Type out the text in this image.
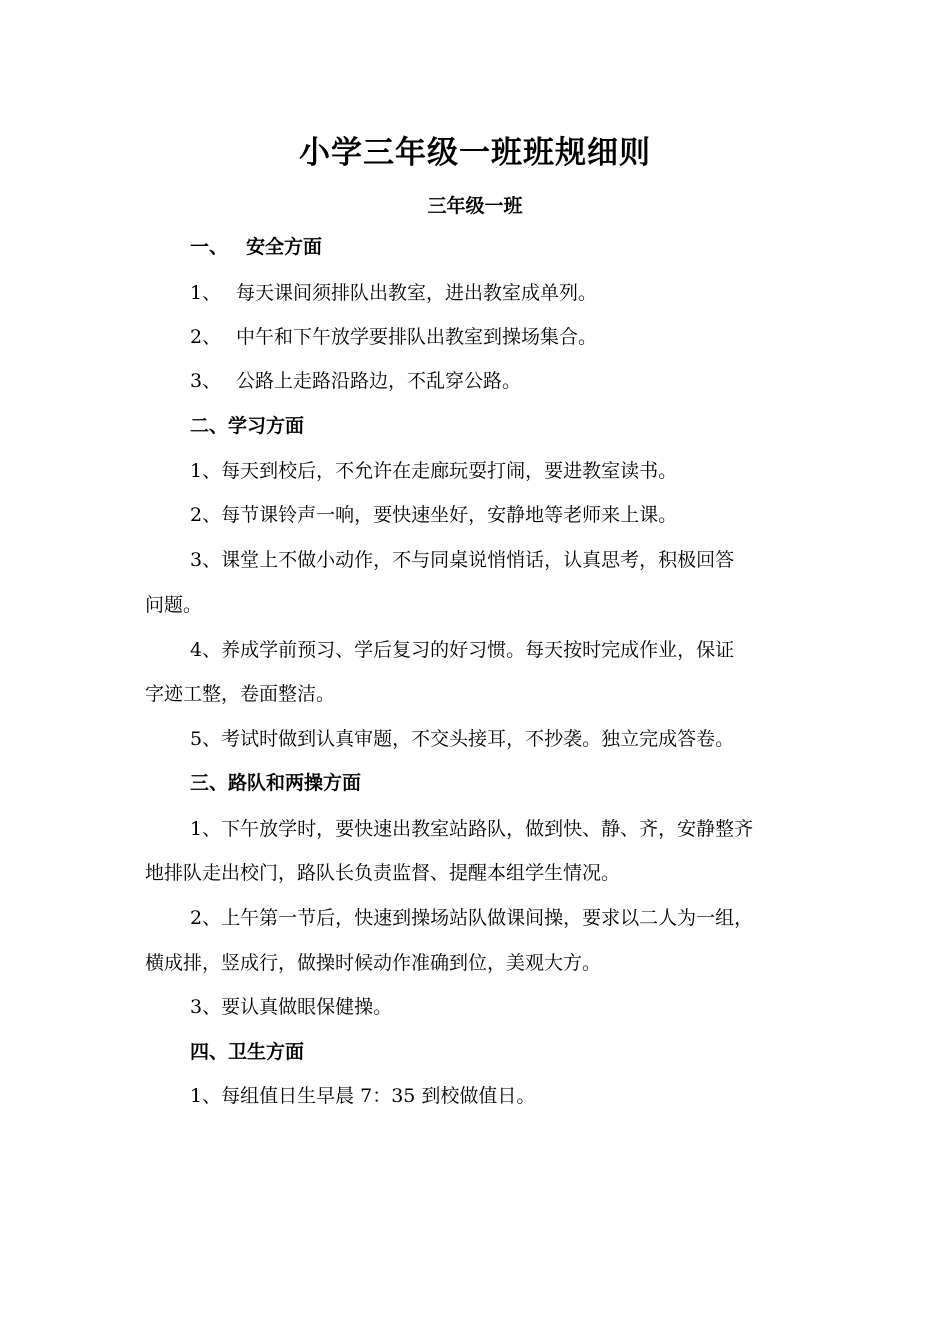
小学三年级一班班规细则
三年级一班
一、 安全方面
1、 每天课间须排队出教室，进出教室成单列。
2、 中午和下午放学要排队出教室到操场集合。
3、 公路上走路沿路边，不乱穿公路。
二、学习方面
1、每天到校后，不允许在走廊玩耍打闹，要进教室读书。
2、每节课铃声一响，要快速坐好，安静地等老师来上课。
3、课堂上不做小动作，不与同桌说悄悄话，认真思考，积极回答
问题。
4、养成学前预习、学后复习的好习惯。每天按时完成作业，保证
字迹工整，卷面整洁。
5、考试时做到认真审题，不交头接耳，不抄袭。独立完成答卷。
三、路队和两操方面
1、下午放学时，要快速出教室站路队，做到快、静、齐，安静整齐
地排队走出校门，路队长负责监督、提醒本组学生情况。
2、上午第一节后，快速到操场站队做课间操，要求以二人为一组，
横成排，竖成行，做操时候动作准确到位，美观大方。
3、要认真做眼保健操。
四、卫生方面
1、每组值日生早晨 7：35 到校做值日。
